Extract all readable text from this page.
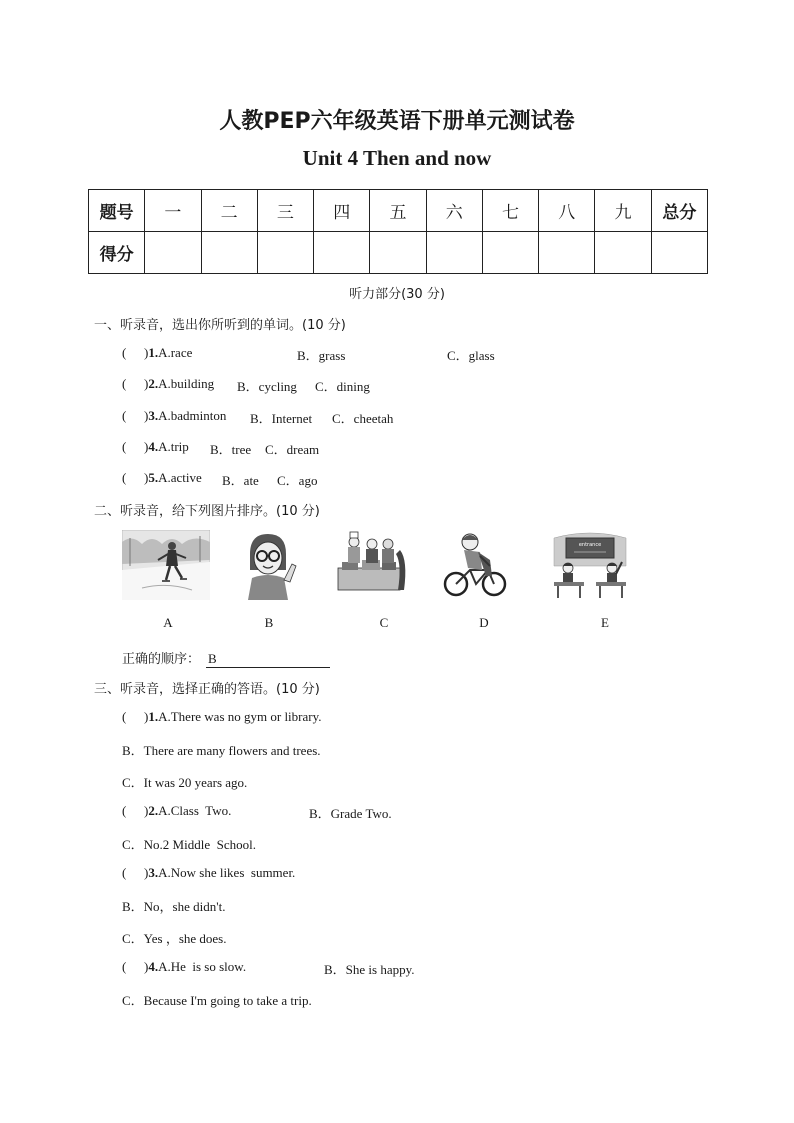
人教PEP六年级英语下册单元测试卷
Unit 4 Then and now
题号	一	二	三	四	五	六	七	八	九	总分
得分										
听力部分(30 分)
一、听录音，选出你所听到的单词。(10 分)
( )1.A.race	B．grass	C．glass
( )2.A.building B．cycling C．dining
( )3.A.badminton B．Internet C．cheetah
( )4.A.trip B．tree C．dream
( )5.A.active B．ate C．ago
二、听录音，给下列图片排序。(10 分)
entrance
A	B	C	D	E
正确的顺序： B
三、听录音，选择正确的答语。(10 分)
( )1.A.There was no gym or library.
B．There are many flowers and trees.
C．It was 20 years ago.
( )2.A.Class  Two.	B．Grade Two.
C．No.2 Middle  School.
( )3.A.Now she likes  summer.
B．No，she didn't.
C．Yes ，she does.
( )4.A.He  is so slow.	B．She is happy.
C．Because I'm going to take a trip.
